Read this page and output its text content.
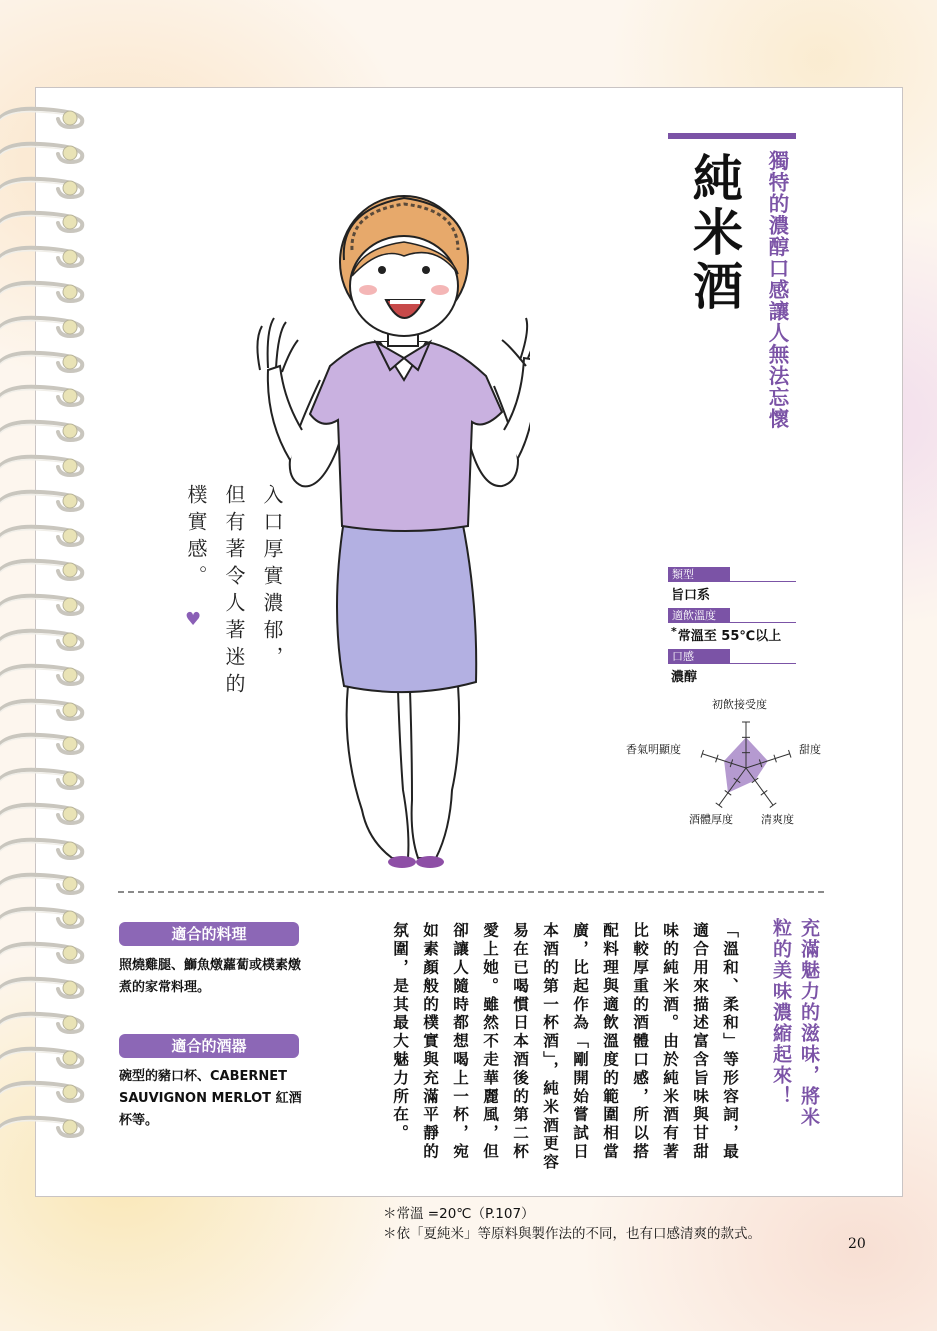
純米酒	獨特的濃醇口感讓人無法忘懷
入口厚實濃郁，
但有著令人著迷的
樸實感。
♥
類型
旨口系
適飲溫度
*常溫至 55℃以上
口感
濃醇
初飲接受度
甜度
清爽度
酒體厚度
香氣明顯度
適合的料理
照燒雞腿、鰤魚燉蘿蔔或樸素燉煮的家常料理。
適合的酒器
碗型的豬口杯、CABERNET SAUVIGNON MERLOT 紅酒杯等。	充滿魅力的滋味，將米粒的美味濃縮起來！
「溫和、柔和」等形容詞，最適合用來描述富含旨味與甘甜味的純米酒。由於純米酒有著比較厚重的酒體口感，所以搭配料理與適飲溫度的範圍相當廣，比起作為「剛開始嘗試日本酒的第一杯酒」，純米酒更容易在已喝慣日本酒後的第二杯愛上她。雖然不走華麗風，但卻讓人隨時都想喝上一杯，宛如素顏般的樸實與充滿平靜的氛圍，是其最大魅力所在。
＊常溫 =20℃（P.107）
＊依「夏純米」等原料與製作法的不同，也有口感清爽的款式。
20
